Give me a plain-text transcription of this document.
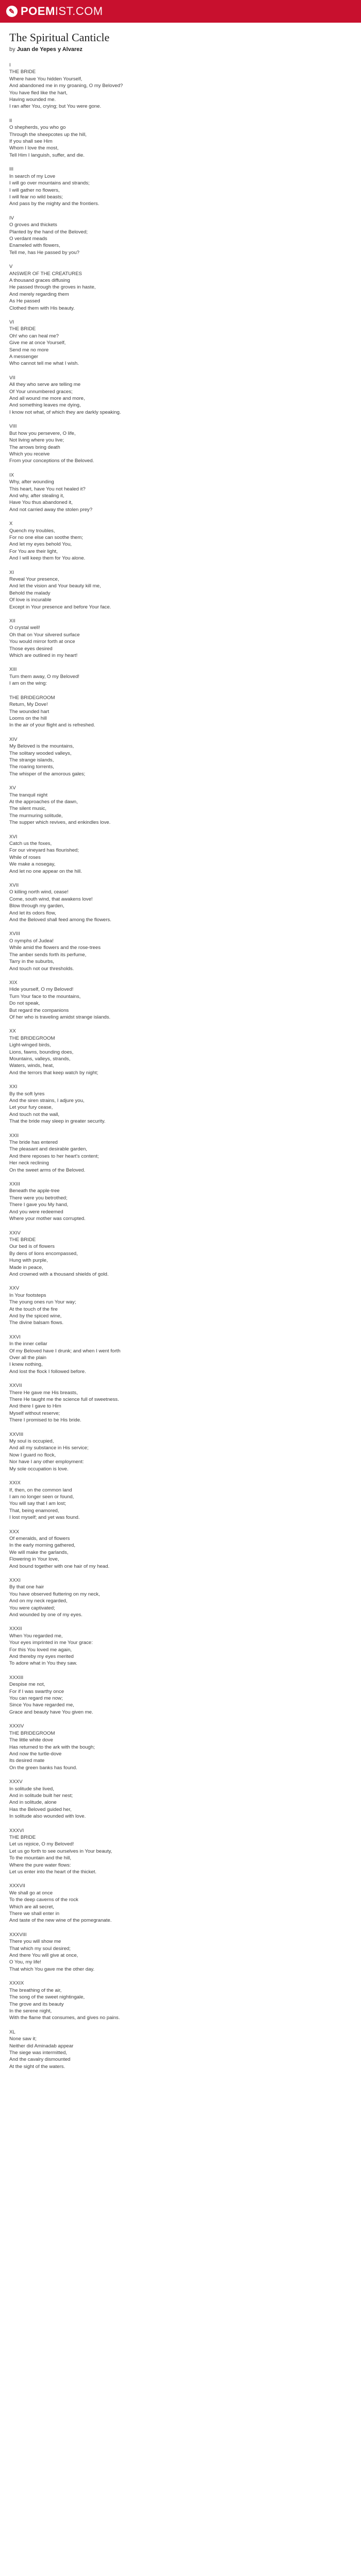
✎ POEM IST.COM
The Spiritual Canticle
by Juan de Yepes y Alvarez
I
THE BRIDE
Where have You hidden Yourself,
And abandoned me in my groaning, O my Beloved?
You have fled like the hart,
Having wounded me.
I ran after You, crying; but You were gone.
II
O shepherds, you who go
Through the sheepcotes up the hill,
If you shall see Him
Whom I love the most,
Tell Him I languish, suffer, and die.
III
In search of my Love
I will go over mountains and strands;
I will gather no flowers,
I will fear no wild beasts;
And pass by the mighty and the frontiers.
IV
O groves and thickets
Planted by the hand of the Beloved;
O verdant meads
Enameled with flowers,
Tell me, has He passed by you?
V
ANSWER OF THE CREATURES
A thousand graces diffusing
He passed through the groves in haste,
And merely regarding them
As He passed
Clothed them with His beauty.
VI
THE BRIDE
Oh! who can heal me?
Give me at once Yourself,
Send me no more
A messenger
Who cannot tell me what I wish.
VII
All they who serve are telling me
Of Your unnumbered graces;
And all wound me more and more,
And something leaves me dying,
I know not what, of which they are darkly speaking.
VIII
But how you persevere, O life,
Not living where you live;
The arrows bring death
Which you receive
From your conceptions of the Beloved.
IX
Why, after wounding
This heart, have You not healed it?
And why, after stealing it,
Have You thus abandoned it,
And not carried away the stolen prey?
X
Quench my troubles,
For no one else can soothe them;
And let my eyes behold You,
For You are their light,
And I will keep them for You alone.
XI
Reveal Your presence,
And let the vision and Your beauty kill me,
Behold the malady
Of love is incurable
Except in Your presence and before Your face.
XII
O crystal well!
Oh that on Your silvered surface
You would mirror forth at once
Those eyes desired
Which are outlined in my heart!
XIII
Turn them away, O my Beloved!
I am on the wing:
THE BRIDEGROOM
Return, My Dove!
The wounded hart
Looms on the hill
In the air of your flight and is refreshed.
XIV
My Beloved is the mountains,
The solitary wooded valleys,
The strange islands,
The roaring torrents,
The whisper of the amorous gales;
XV
The tranquil night
At the approaches of the dawn,
The silent music,
The murmuring solitude,
The supper which revives, and enkindles love.
XVI
Catch us the foxes,
For our vineyard has flourished;
While of roses
We make a nosegay,
And let no one appear on the hill.
XVII
O killing north wind, cease!
Come, south wind, that awakens love!
Blow through my garden,
And let its odors flow,
And the Beloved shall feed among the flowers.
XVIII
O nymphs of Judea!
While amid the flowers and the rose-trees
The amber sends forth its perfume,
Tarry in the suburbs,
And touch not our thresholds.
XIX
Hide yourself, O my Beloved!
Turn Your face to the mountains,
Do not speak,
But regard the companions
Of her who is traveling amidst strange islands.
XX
THE BRIDEGROOM
Light-winged birds,
Lions, fawns, bounding does,
Mountains, valleys, strands,
Waters, winds, heat,
And the terrors that keep watch by night;
XXI
By the soft lyres
And the siren strains, I adjure you,
Let your fury cease,
And touch not the wall,
That the bride may sleep in greater security.
XXII
The bride has entered
The pleasant and desirable garden,
And there reposes to her heart's content;
Her neck reclining
On the sweet arms of the Beloved.
XXIII
Beneath the apple-tree
There were you betrothed;
There I gave you My hand,
And you were redeemed
Where your mother was corrupted.
XXIV
THE BRIDE
Our bed is of flowers
By dens of lions encompassed,
Hung with purple,
Made in peace,
And crowned with a thousand shields of gold.
XXV
In Your footsteps
The young ones run Your way;
At the touch of the fire
And by the spiced wine,
The divine balsam flows.
XXVI
In the inner cellar
Of my Beloved have I drunk; and when I went forth
Over all the plain
I knew nothing,
And lost the flock I followed before.
XXVII
There He gave me His breasts,
There He taught me the science full of sweetness.
And there I gave to Him
Myself without reserve;
There I promised to be His bride.
XXVIII
My soul is occupied,
And all my substance in His service;
Now I guard no flock,
Nor have I any other employment:
My sole occupation is love.
XXIX
If, then, on the common land
I am no longer seen or found,
You will say that I am lost;
That, being enamored,
I lost myself; and yet was found.
XXX
Of emeralds, and of flowers
In the early morning gathered,
We will make the garlands,
Flowering in Your love,
And bound together with one hair of my head.
XXXI
By that one hair
You have observed fluttering on my neck,
And on my neck regarded,
You were captivated;
And wounded by one of my eyes.
XXXII
When You regarded me,
Your eyes imprinted in me Your grace:
For this You loved me again,
And thereby my eyes merited
To adore what in You they saw.
XXXIII
Despise me not,
For if I was swarthy once
You can regard me now;
Since You have regarded me,
Grace and beauty have You given me.
XXXIV
THE BRIDEGROOM
The little white dove
Has returned to the ark with the bough;
And now the turtle-dove
Its desired mate
On the green banks has found.
XXXV
In solitude she lived,
And in solitude built her nest;
And in solitude, alone
Has the Beloved guided her,
In solitude also wounded with love.
XXXVI
THE BRIDE
Let us rejoice, O my Beloved!
Let us go forth to see ourselves in Your beauty,
To the mountain and the hill,
Where the pure water flows:
Let us enter into the heart of the thicket.
XXXVII
We shall go at once
To the deep caverns of the rock
Which are all secret,
There we shall enter in
And taste of the new wine of the pomegranate.
XXXVIII
There you will show me
That which my soul desired;
And there You will give at once,
O You, my life!
That which You gave me the other day.
XXXIX
The breathing of the air,
The song of the sweet nightingale,
The grove and its beauty
In the serene night,
With the flame that consumes, and gives no pains.
XL
None saw it;
Neither did Aminadab appear
The siege was intermitted,
And the cavalry dismounted
At the sight of the waters.
